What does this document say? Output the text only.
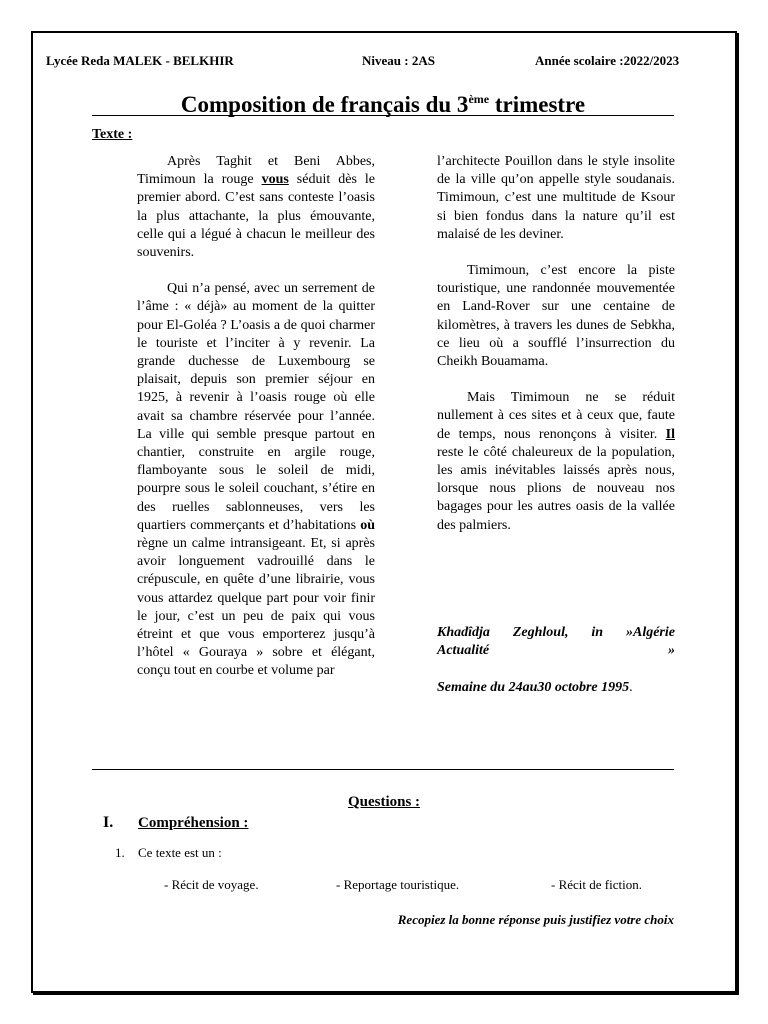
Lycée Reda MALEK - BELKHIR	Niveau : 2AS	Année scolaire :2022/2023
Composition de français du 3ème trimestre
Texte :

Après Taghit et Beni Abbes, Timimoun la rouge vous séduit dès le premier abord. C’est sans conteste l’oasis la plus attachante, la plus émouvante, celle qui a légué à chacun le meilleur des souvenirs.

Qui n’a pensé, avec un serrement de l’âme : « déjà» au moment de la quitter pour El-Goléa ? L’oasis a de quoi charmer le touriste et l’inciter à y revenir. La grande duchesse de Luxembourg se plaisait, depuis son premier séjour en 1925, à revenir à l’oasis rouge où elle avait sa chambre réservée pour l’année. La ville qui semble presque partout en chantier, construite en argile rouge, flamboyante sous le soleil de midi, pourpre sous le soleil couchant, s’étire en des ruelles sablonneuses, vers les quartiers commerçants et d’habitations où règne un calme intransigeant. Et, si après avoir longuement vadrouillé dans le crépuscule, en quête d’une librairie, vous vous attardez quelque part pour voir finir le jour, c’est un peu de paix qui vous étreint et que vous emporterez jusqu’à l’hôtel « Gouraya » sobre et élégant, conçu tout en courbe et volume par

l’architecte Pouillon dans le style insolite de la ville qu’on appelle style soudanais. Timimoun, c’est une multitude de Ksour si bien fondus dans la nature qu’il est malaisé de les deviner.

Timimoun, c’est encore la piste touristique, une randonnée mouvementée en Land-Rover sur une centaine de kilomètres, à travers les dunes de Sebkha, ce lieu où a soufflé l’insurrection du Cheikh Bouamama.

Mais Timimoun ne se réduit nullement à ces sites et à ceux que, faute de temps, nous renonçons à visiter. Il reste le côté chaleureux de la population, les amis inévitables laissés après nous, lorsque nous plions de nouveau nos bagages pour les autres oasis de la vallée des palmiers.

Khadîdja Zeghloul, in »Algérie
Actualité »
Semaine du 24au30 octobre 1995.
Questions :
I. Compréhension :
1. Ce texte est un :
- Récit de voyage.	- Reportage touristique.	- Récit de fiction.
Recopiez la bonne réponse puis justifiez votre choix
